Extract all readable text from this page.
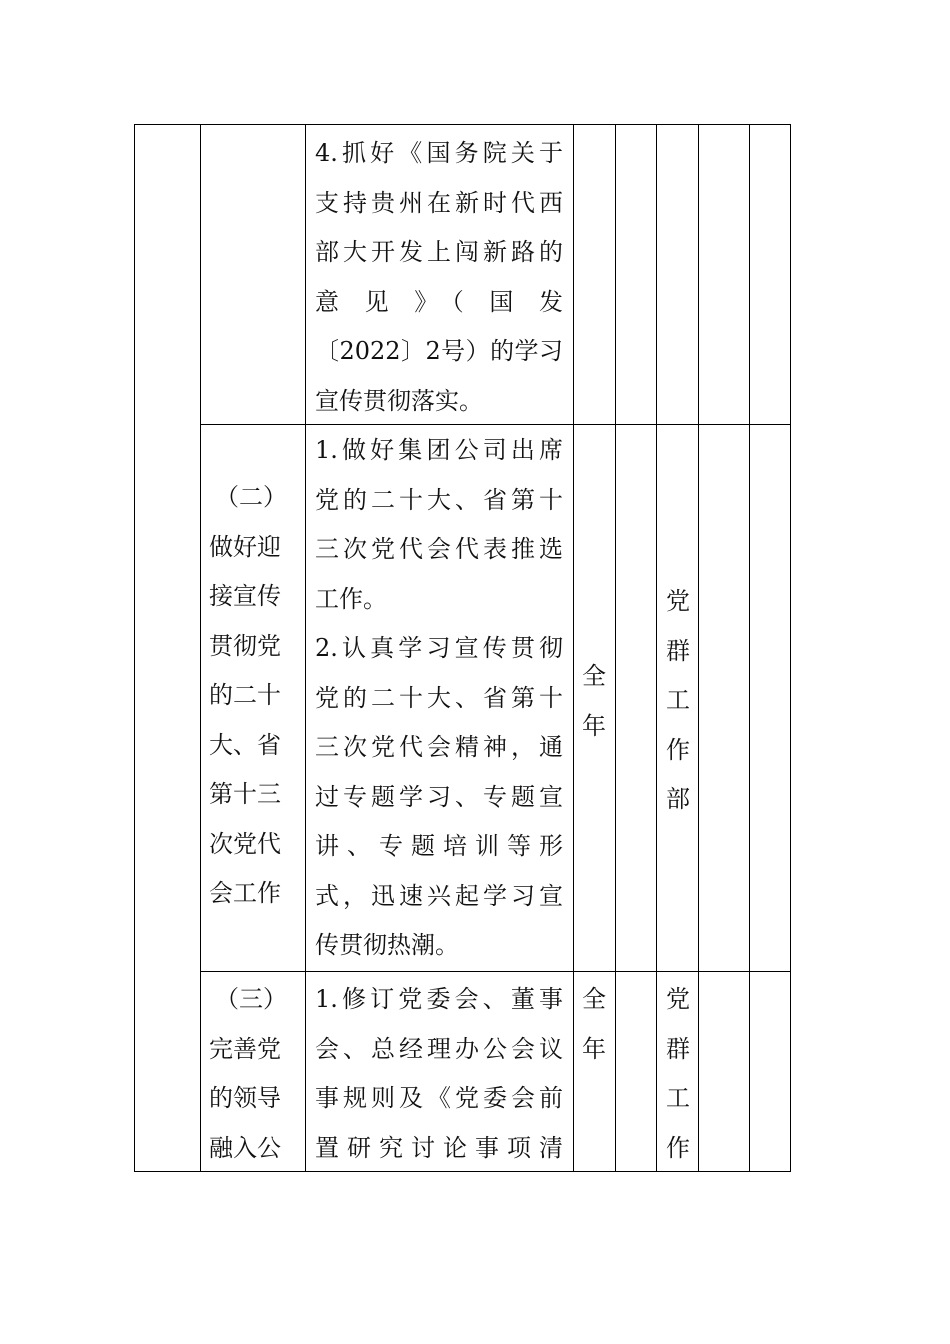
4.抓好《国务院关于
支持贵州在新时代西
部大开发上闯新路的
意　见　》　（　国　发
〔2022〕2号）的学习
宣传贯彻落实。
（二）
做好迎
接宣传
贯彻党
的二十
大、省
第十三
次党代
会工作
1.做好集团公司出席
党的二十大、省第十
三次党代会代表推选
工作。
2.认真学习宣传贯彻
党的二十大、省第十
三次党代会精神，通
过专题学习、专题宣
讲、专题培训等形
式，迅速兴起学习宣
传贯彻热潮。
全
年
党
群
工
作
部
（三）
完善党
的领导
融入公
1.修订党委会、董事
会、总经理办公会议
事规则及《党委会前
置研究讨论事项清
全
年
党
群
工
作
